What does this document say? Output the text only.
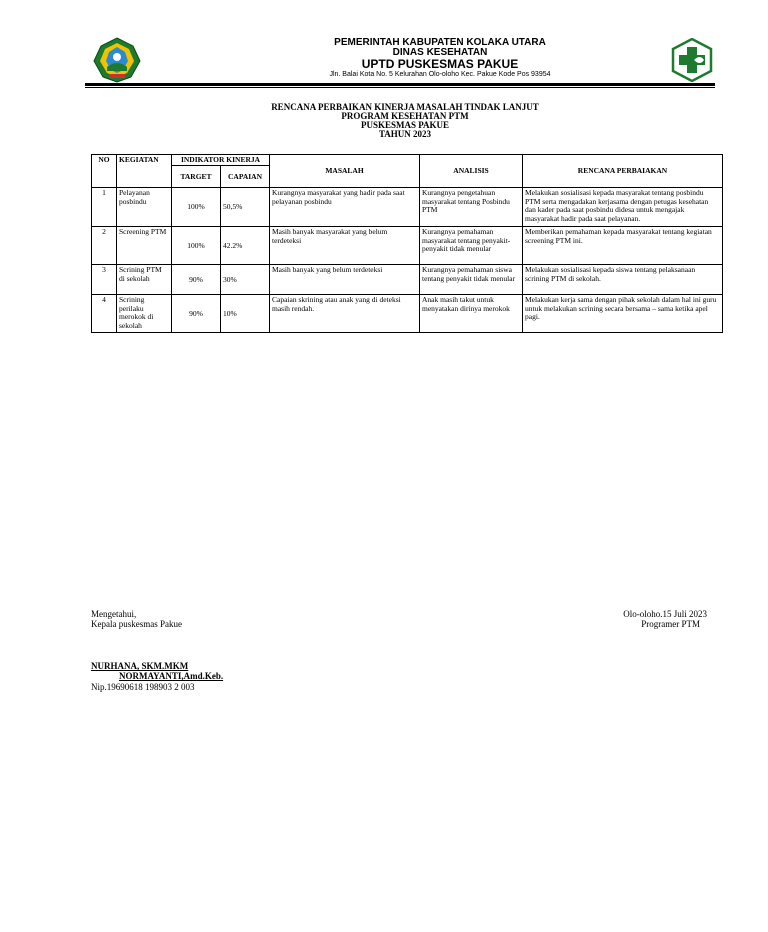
PEMERINTAH KABUPATEN KOLAKA UTARA
DINAS KESEHATAN
UPTD PUSKESMAS PAKUE
Jln. Balai Kota No. 5 Kelurahan Olo-oloho Kec. Pakue Kode Pos 93954
RENCANA PERBAIKAN KINERJA MASALAH TINDAK LANJUT
PROGRAM KESEHATAN PTM
PUSKESMAS PAKUE
TAHUN 2023
NO	KEGIATAN	INDIKATOR KINERJA		MASALAH	ANALISIS	RENCANA PERBAIAKAN
		TARGET	CAPAIAN			
1	Pelayanan posbindu	100%	50,5%	Kurangnya masyarakat yang hadir pada saat pelayanan posbindu	Kurangnya pengetahuan masyarakat tentang Posbindu PTM	Melakukan sosialisasi kepada masyarakat tentang posbindu PTM serta mengadakan kerjasama dengan petugas kesehatan dan kader pada saat posbindu didesa untuk mengajak masyarakat hadir pada saat pelayanan.
2	Screening PTM	100%	42.2%	Masih banyak masyarakat yang belum terdeteksi	Kurangnya pemahaman masyarakat tentang penyakit-penyakit tidak menular	Memberikan pemahaman kepada masyarakat tentang kegiatan screening PTM ini.
3	Scrining PTM di sekolah	90%	30%	Masih banyak yang belum terdeteksi	Kurangnya pemahaman siswa tentang penyakit tidak menular	Melakukan sosialisasi kepada siswa tentang pelaksanaan scrining PTM di sekolah.
4	Scrining perilaku merokok di sekolah	90%	10%	Capaian skrining atau anak yang di deteksi masih rendah.	Anak masih takut untuk menyatakan dirinya merokok	Melakukan kerja sama dengan pihak sekolah dalam hal ini guru untuk melakukan scrining secara bersama – sama ketika apel pagi.
Mengetahui,
Kepala puskesmas Pakue
Olo-oloho.15 Juli 2023
Programer PTM
NURHANA, SKM.MKM
NORMAYANTI,Amd.Keb.
Nip.19690618 198903 2 003
